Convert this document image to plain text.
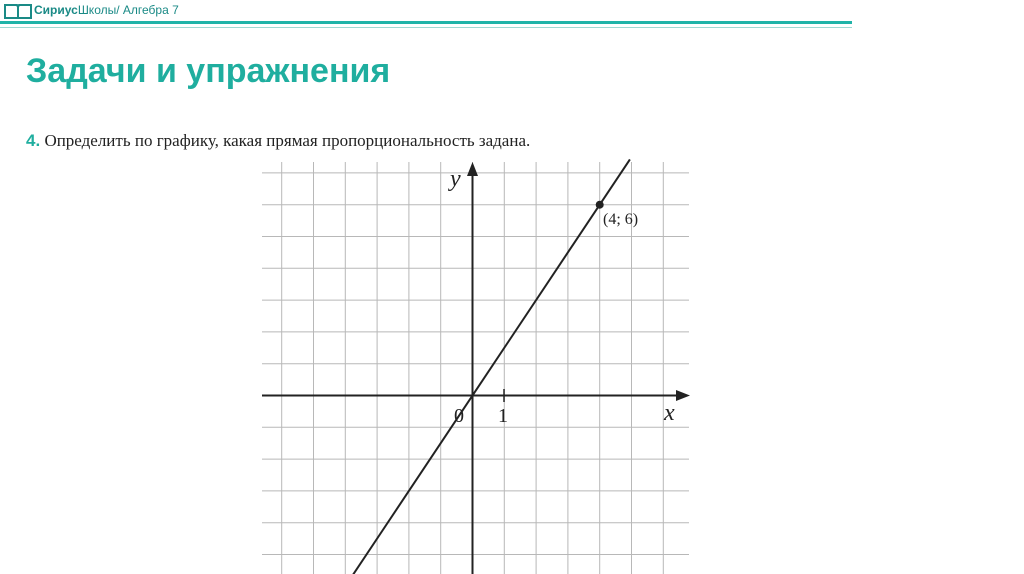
СириусШколы/ Алгебра 7
Задачи и упражнения
4. Определить по графику, какая прямая пропорциональность задана.
y
x
0 1
(4; 6)
